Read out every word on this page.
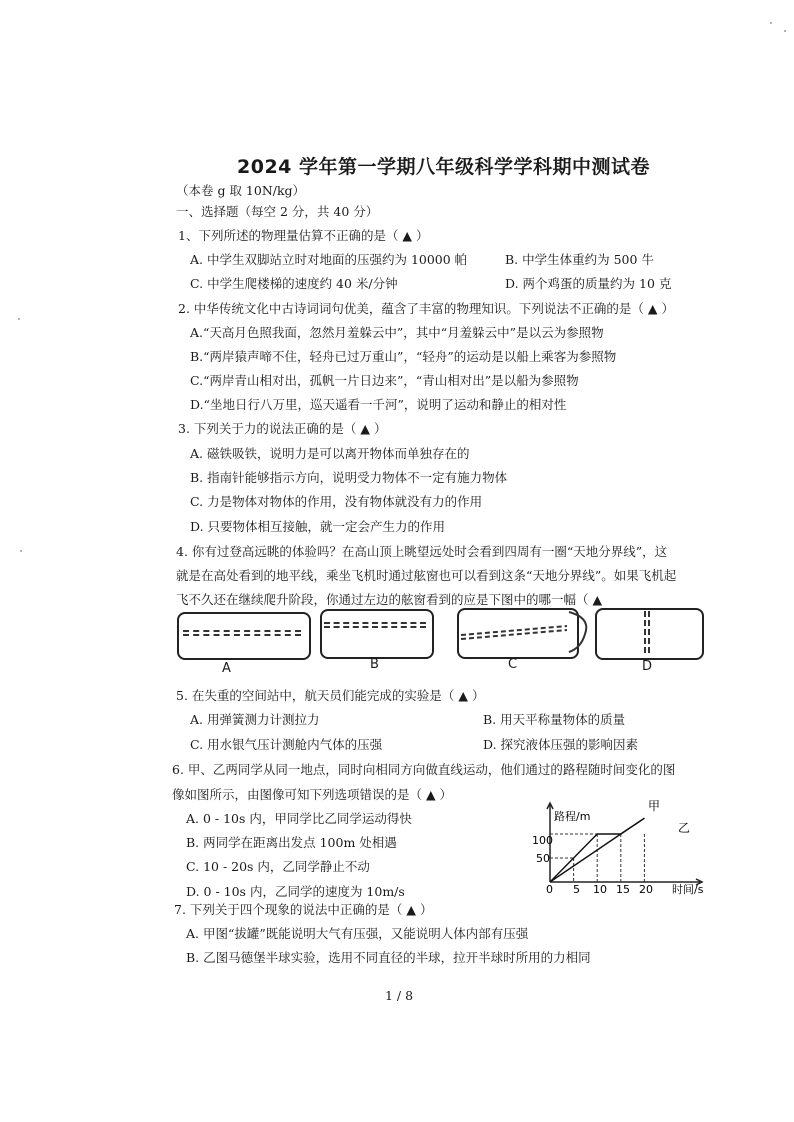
2024 学年第一学期八年级科学学科期中测试卷
（本卷 g 取 10N/kg）
一、选择题（每空 2 分，共 40 分）
1、下列所述的物理量估算不正确的是（ ▲ ）
A. 中学生双脚站立时对地面的压强约为 10000 帕	B. 中学生体重约为 500 牛
C. 中学生爬楼梯的速度约 40 米/分钟	D. 两个鸡蛋的质量约为 10 克
2. 中华传统文化中古诗词词句优美，蕴含了丰富的物理知识。下列说法不正确的是（ ▲ ）
A.“天高月色照我面，忽然月羞躲云中”，其中“月羞躲云中”是以云为参照物
B.“两岸猿声啼不住，轻舟已过万重山”，“轻舟”的运动是以船上乘客为参照物
C.“两岸青山相对出，孤帆一片日边来”，“青山相对出”是以船为参照物
D.“坐地日行八万里，巡天遥看一千河”，说明了运动和静止的相对性
3. 下列关于力的说法正确的是（ ▲ ）
A. 磁铁吸铁，说明力是可以离开物体而单独存在的
B. 指南针能够指示方向，说明受力物体不一定有施力物体
C. 力是物体对物体的作用，没有物体就没有力的作用
D. 只要物体相互接触，就一定会产生力的作用
4. 你有过登高远眺的体验吗？在高山顶上眺望远处时会看到四周有一圈“天地分界线”，这
就是在高处看到的地平线，乘坐飞机时通过舷窗也可以看到这条“天地分界线”。如果飞机起
飞不久还在继续爬升阶段，你通过左边的舷窗看到的应是下图中的哪一幅（ ▲
A	B	C	D
5. 在失重的空间站中，航天员们能完成的实验是（ ▲ ）
A. 用弹簧测力计测拉力	B. 用天平称量物体的质量
C. 用水银气压计测舱内气体的压强	D. 探究液体压强的影响因素
6. 甲、乙两同学从同一地点，同时向相同方向做直线运动，他们通过的路程随时间变化的图
像如图所示，由图像可知下列选项错误的是（ ▲ ）
A. 0 - 10s 内，甲同学比乙同学运动得快
B. 两同学在距离出发点 100m 处相遇
C. 10 - 20s 内，乙同学静止不动
D. 0 - 10s 内，乙同学的速度为 10m/s
路程/m
时间/s
甲
乙
100
50
0 5 10 15 20
7. 下列关于四个现象的说法中正确的是（ ▲ ）
A. 甲图“拔罐”既能说明大气有压强，又能说明人体内部有压强
B. 乙图马德堡半球实验，选用不同直径的半球，拉开半球时所用的力相同
1 / 8
